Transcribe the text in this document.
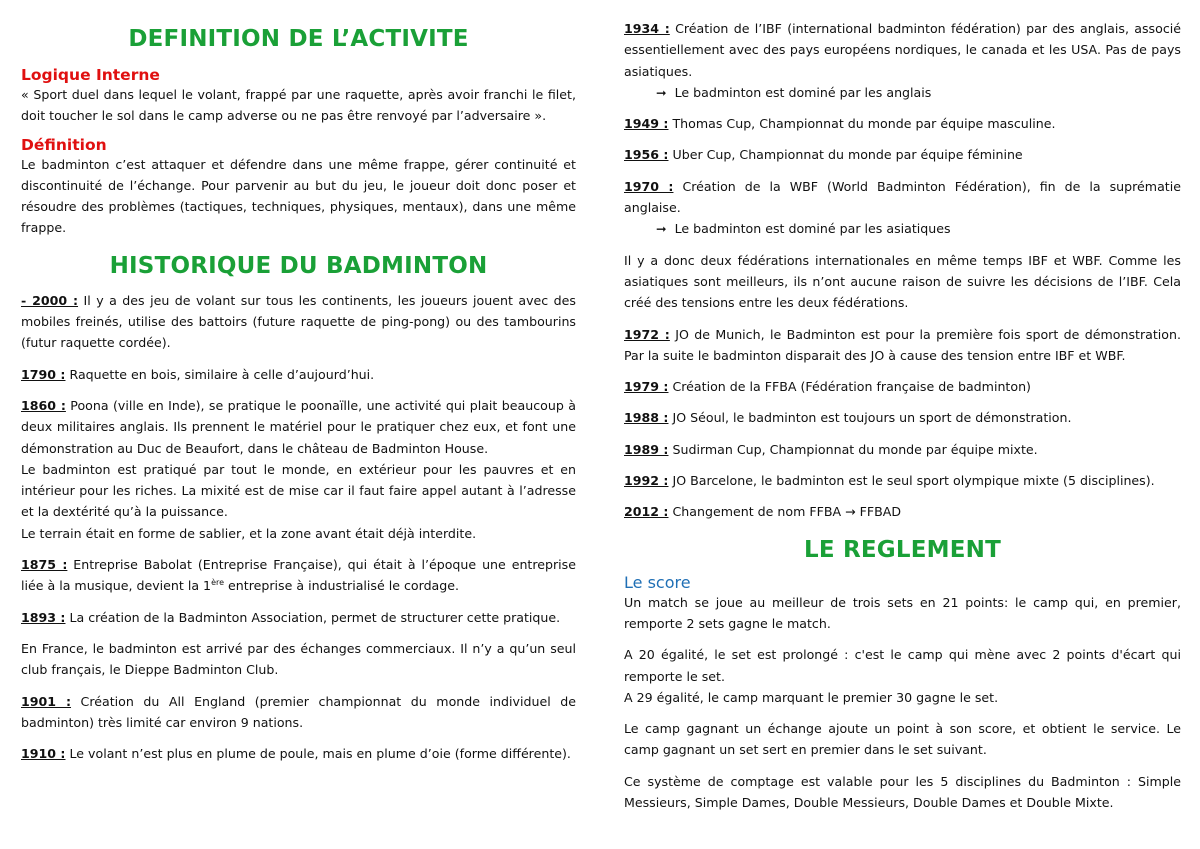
DEFINITION DE L’ACTIVITE
Logique Interne

« Sport duel dans lequel le volant, frappé par une raquette, après avoir franchi le filet, doit toucher le sol dans le camp adverse ou ne pas être renvoyé par l’adversaire ».

Définition

Le badminton c’est attaquer et défendre dans une même frappe, gérer continuité et discontinuité de l’échange. Pour parvenir au but du jeu, le joueur doit donc poser et résoudre des problèmes (tactiques, techniques, physiques, mentaux), dans une même frappe.

HISTORIQUE DU BADMINTON

- 2000 : Il y a des jeu de volant sur tous les continents, les joueurs jouent avec des mobiles freinés, utilise des battoirs (future raquette de ping-pong) ou des tambourins (futur raquette cordée).

1790 : Raquette en bois, similaire à celle d’aujourd’hui.

1860 : Poona (ville en Inde), se pratique le poonaïlle, une activité qui plait beaucoup à deux militaires anglais. Ils prennent le matériel pour le pratiquer chez eux, et font une démonstration au Duc de Beaufort, dans le château de Badminton House.

Le badminton est pratiqué par tout le monde, en extérieur pour les pauvres et en intérieur pour les riches. La mixité est de mise car il faut faire appel autant à l’adresse et la dextérité qu’à la puissance.

Le terrain était en forme de sablier, et la zone avant était déjà interdite.

1875 : Entreprise Babolat (Entreprise Française), qui était à l’époque une entreprise liée à la musique, devient la 1ère entreprise à industrialisé le cordage.

1893 : La création de la Badminton Association, permet de structurer cette pratique.

En France, le badminton est arrivé par des échanges commerciaux. Il n’y a qu’un seul club français, le Dieppe Badminton Club.

1901 : Création du All England (premier championnat du monde individuel de badminton) très limité car environ 9 nations.

1910 : Le volant n’est plus en plume de poule, mais en plume d’oie (forme différente).

1934 : Création de l’IBF (international badminton fédération) par des anglais, associé essentiellement avec des pays européens nordiques, le canada et les USA. Pas de pays asiatiques.

➞ Le badminton est dominé par les anglais

1949 : Thomas Cup, Championnat du monde par équipe masculine.

1956 : Uber Cup, Championnat du monde par équipe féminine

1970 : Création de la WBF (World Badminton Fédération), fin de la suprématie anglaise.

➞ Le badminton est dominé par les asiatiques

Il y a donc deux fédérations internationales en même temps IBF et WBF. Comme les asiatiques sont meilleurs, ils n’ont aucune raison de suivre les décisions de l’IBF. Cela créé des tensions entre les deux fédérations.

1972 : JO de Munich, le Badminton est pour la première fois sport de démonstration. Par la suite le badminton disparait des JO à cause des tension entre IBF et WBF.

1979 : Création de la FFBA (Fédération française de badminton)

1988 : JO Séoul, le badminton est toujours un sport de démonstration.

1989 : Sudirman Cup, Championnat du monde par équipe mixte.

1992 : JO Barcelone, le badminton est le seul sport olympique mixte (5 disciplines).

2012 : Changement de nom FFBA → FFBAD

LE REGLEMENT
Le score

Un match se joue au meilleur de trois sets en 21 points: le camp qui, en premier, remporte 2 sets gagne le match.

A 20 égalité, le set est prolongé : c'est le camp qui mène avec 2 points d'écart qui remporte le set.

A 29 égalité, le camp marquant le premier 30 gagne le set.

Le camp gagnant un échange ajoute un point à son score, et obtient le service. Le camp gagnant un set sert en premier dans le set suivant.

Ce système de comptage est valable pour les 5 disciplines du Badminton : Simple Messieurs, Simple Dames, Double Messieurs, Double Dames et Double Mixte.
